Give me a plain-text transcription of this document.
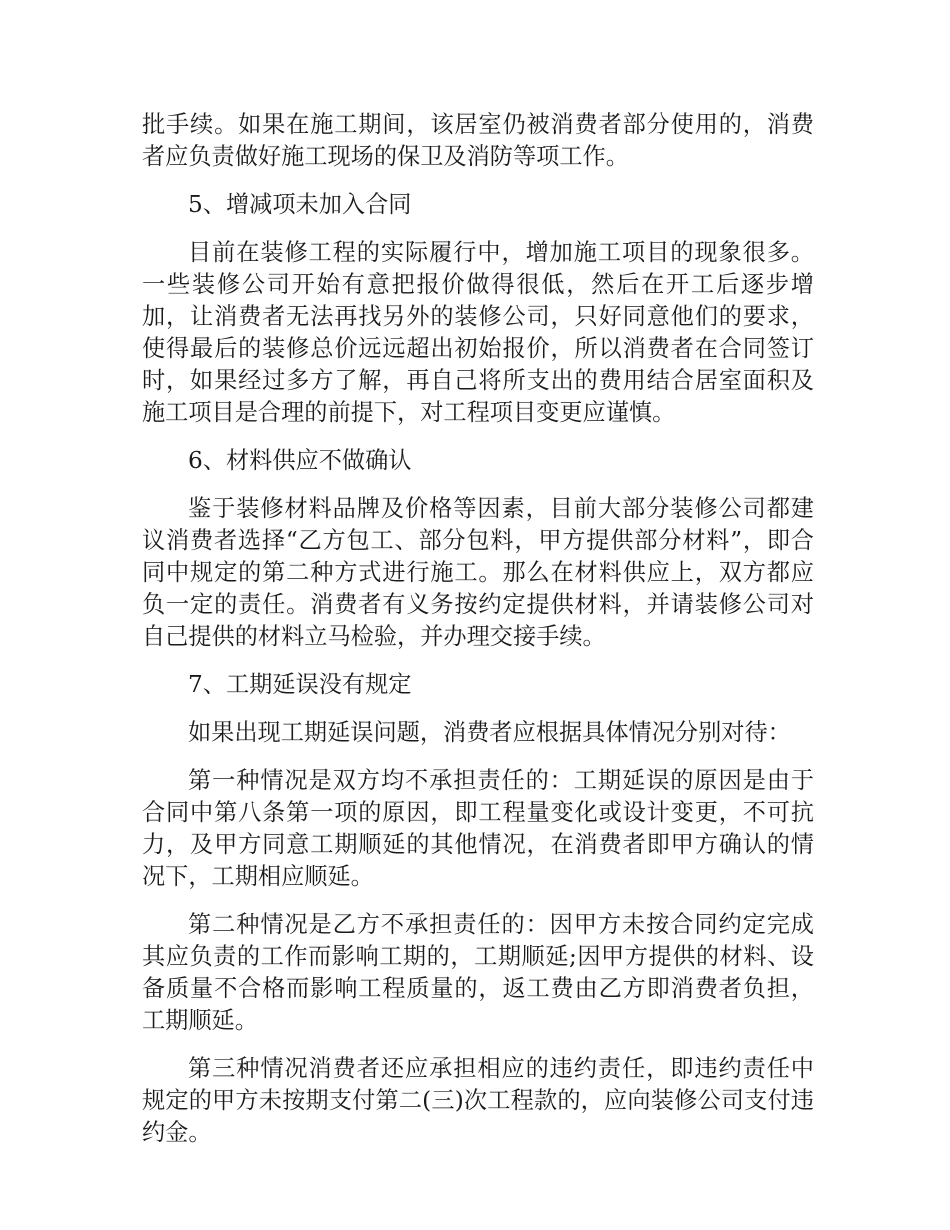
批手续。如果在施工期间，该居室仍被消费者部分使用的，消费者应负责做好施工现场的保卫及消防等项工作。

5、增减项未加入合同

目前在装修工程的实际履行中，增加施工项目的现象很多。一些装修公司开始有意把报价做得很低，然后在开工后逐步增加，让消费者无法再找另外的装修公司，只好同意他们的要求，使得最后的装修总价远远超出初始报价，所以消费者在合同签订时，如果经过多方了解，再自己将所支出的费用结合居室面积及施工项目是合理的前提下，对工程项目变更应谨慎。

6、材料供应不做确认

鉴于装修材料品牌及价格等因素，目前大部分装修公司都建议消费者选择“乙方包工、部分包料，甲方提供部分材料”，即合同中规定的第二种方式进行施工。那么在材料供应上，双方都应负一定的责任。消费者有义务按约定提供材料，并请装修公司对自己提供的材料立马检验，并办理交接手续。

7、工期延误没有规定

如果出现工期延误问题，消费者应根据具体情况分别对待：

第一种情况是双方均不承担责任的：工期延误的原因是由于合同中第八条第一项的原因，即工程量变化或设计变更，不可抗力，及甲方同意工期顺延的其他情况，在消费者即甲方确认的情况下，工期相应顺延。

第二种情况是乙方不承担责任的：因甲方未按合同约定完成其应负责的工作而影响工期的，工期顺延;因甲方提供的材料、设备质量不合格而影响工程质量的，返工费由乙方即消费者负担，工期顺延。

第三种情况消费者还应承担相应的违约责任，即违约责任中规定的甲方未按期支付第二(三)次工程款的，应向装修公司支付违约金。
